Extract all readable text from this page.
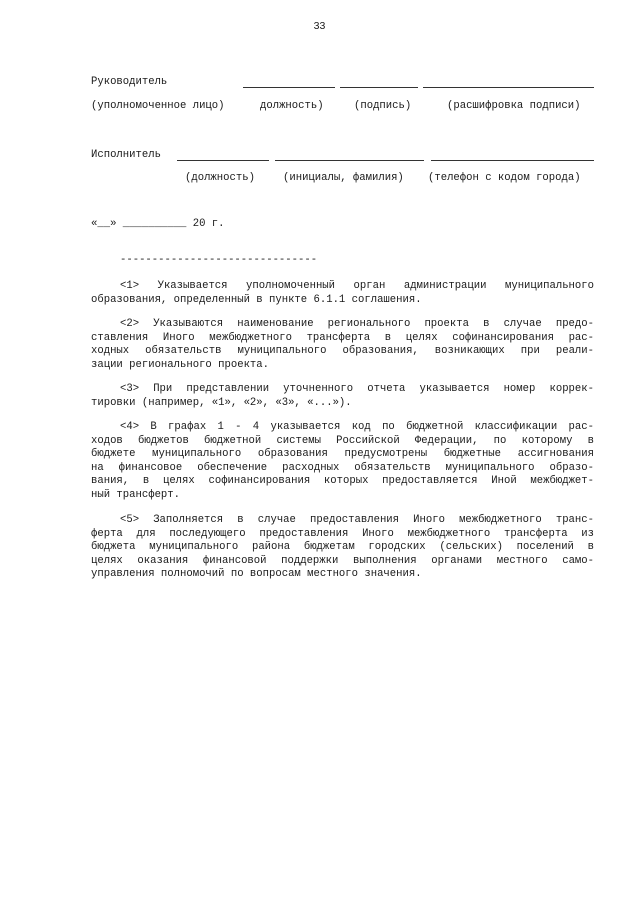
33
Руководитель
(уполномоченное лицо)	должность)	(подпись)	(расшифровка подписи)
Исполнитель
(должность)	(инициалы, фамилия) (телефон с кодом города)
«__» __________ 20 г.
-------------------------------
<1> Указывается уполномоченный орган администрации муниципального
образования, определенный в пункте 6.1.1 соглашения.
<2> Указываются наименование регионального проекта в случае предо-
ставления Иного межбюджетного трансферта в целях софинансирования рас-
ходных обязательств муниципального образования, возникающих при реали-
зации регионального проекта.
<3> При представлении уточненного отчета указывается номер коррек-
тировки (например, «1», «2», «3», «...»).
<4> В графах 1 - 4 указывается код по бюджетной классификации рас-
ходов бюджетов бюджетной системы Российской Федерации, по которому в
бюджете муниципального образования предусмотрены бюджетные ассигнования
на финансовое обеспечение расходных обязательств муниципального образо-
вания, в целях софинансирования которых предоставляется Иной межбюджет-
ный трансферт.
<5> Заполняется в случае предоставления Иного межбюджетного транс-
ферта для последующего предоставления Иного межбюджетного трансферта из
бюджета муниципального района бюджетам городских (сельских) поселений в
целях оказания финансовой поддержки выполнения органами местного само-
управления полномочий по вопросам местного значения.
